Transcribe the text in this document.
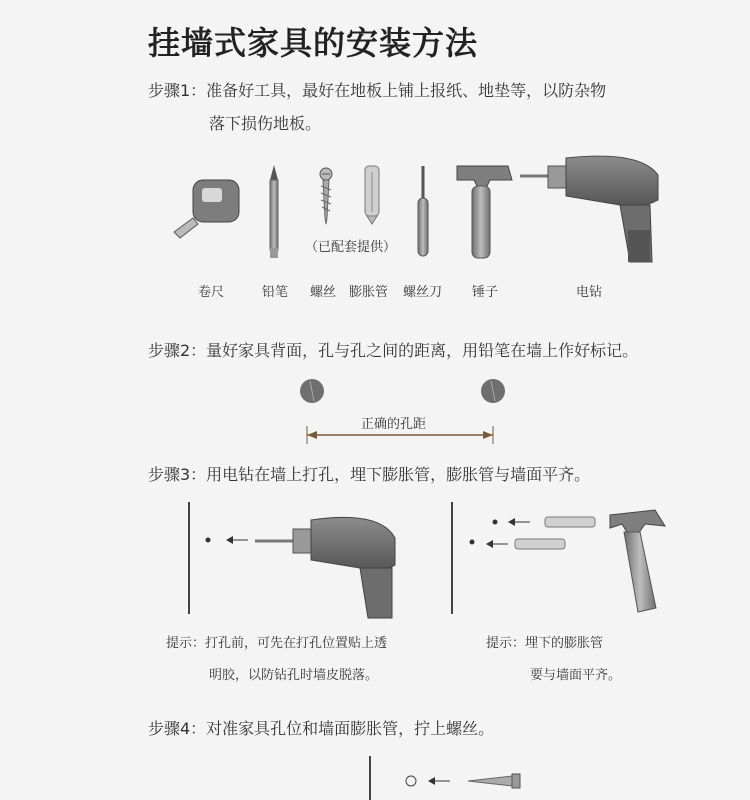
挂墙式家具的安装方法
步骤1：准备好工具，最好在地板上铺上报纸、地垫等，以防杂物
落下损伤地板。
卷尺	铅笔 螺丝 膨胀管 螺丝刀 锤子	电钻
（已配套提供）
步骤2：量好家具背面，孔与孔之间的距离，用铅笔在墙上作好标记。
正确的孔距
步骤3：用电钻在墙上打孔，埋下膨胀管，膨胀管与墙面平齐。
提示：打孔前，可先在打孔位置贴上透
明胶，以防钻孔时墙皮脱落。
提示：埋下的膨胀管
要与墙面平齐。
步骤4：对准家具孔位和墙面膨胀管，拧上螺丝。
